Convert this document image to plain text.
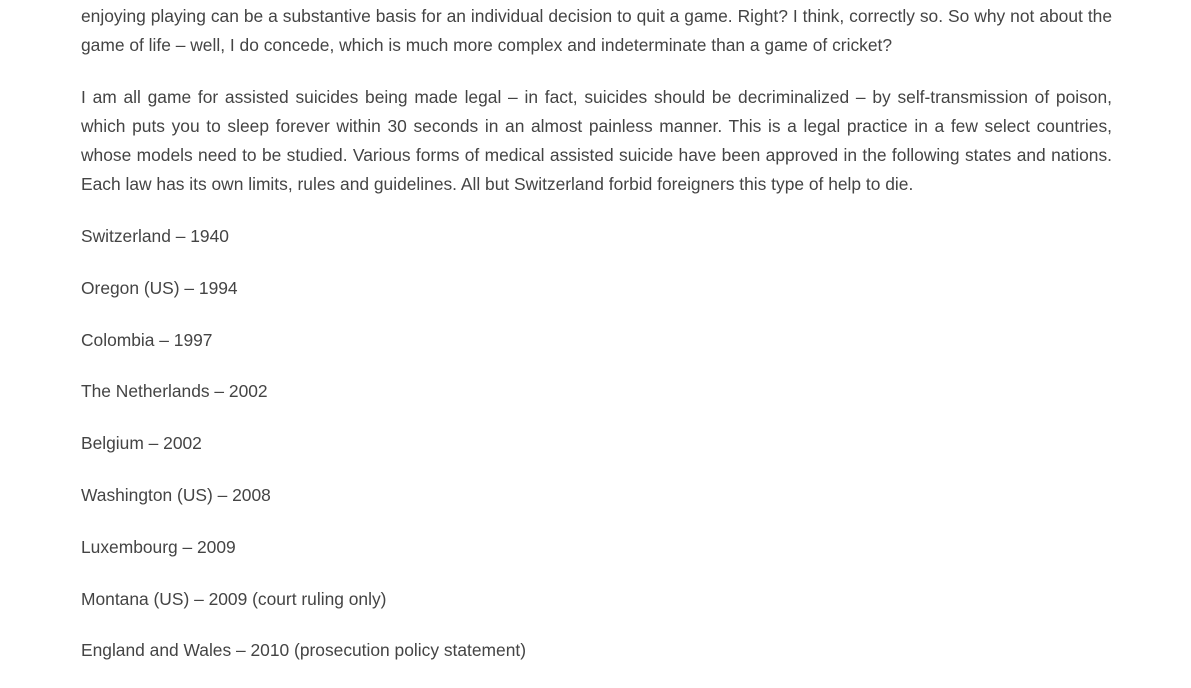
enjoying playing can be a substantive basis for an individual decision to quit a game. Right? I think, correctly so. So why not about the game of life – well, I do concede, which is much more complex and indeterminate than a game of cricket?

I am all game for assisted suicides being made legal – in fact, suicides should be decriminalized – by self-transmission of poison, which puts you to sleep forever within 30 seconds in an almost painless manner. This is a legal practice in a few select countries, whose models need to be studied. Various forms of medical assisted suicide have been approved in the following states and nations. Each law has its own limits, rules and guidelines. All but Switzerland forbid foreigners this type of help to die.

Switzerland – 1940
Oregon (US) – 1994
Colombia – 1997
The Netherlands – 2002
Belgium – 2002
Washington (US) – 2008
Luxembourg – 2009
Montana (US) – 2009 (court ruling only)
England and Wales – 2010 (prosecution policy statement)
